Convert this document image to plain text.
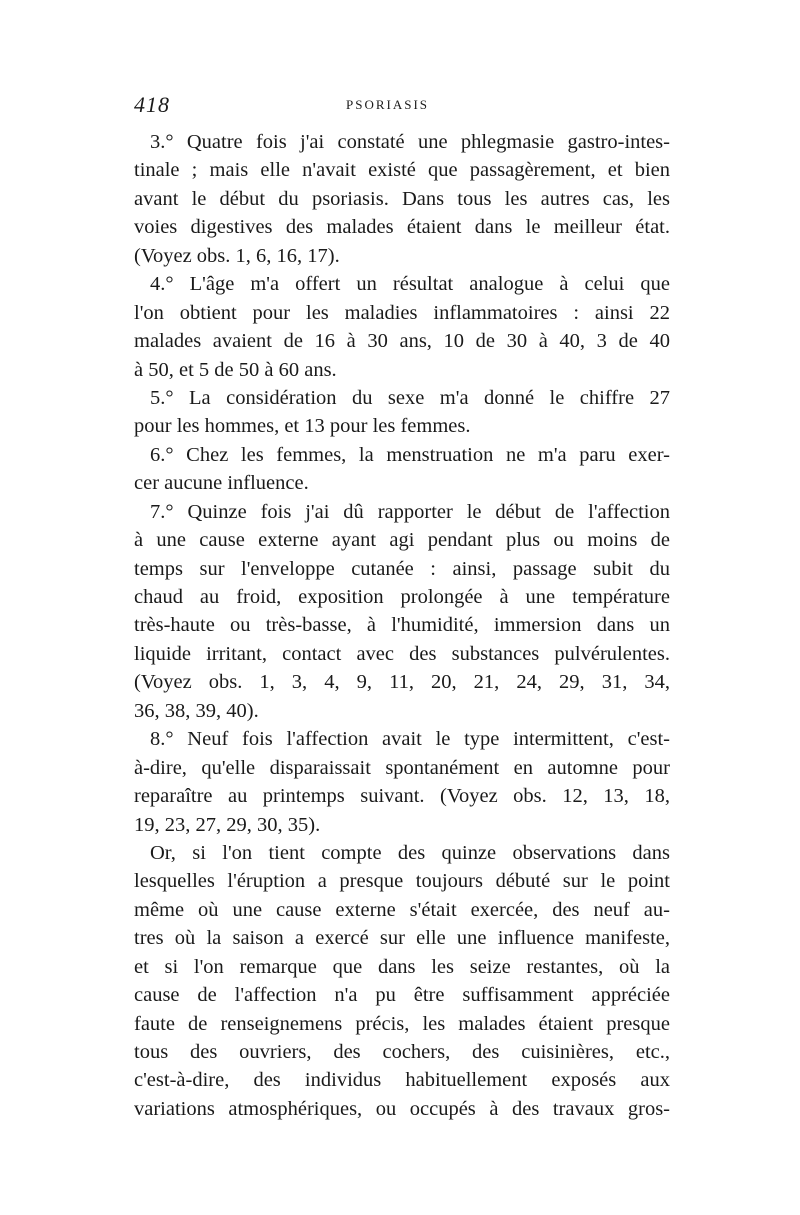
418	PSORIASIS
3.° Quatre fois j'ai constaté une phlegmasie gastro-intes-
tinale ; mais elle n'avait existé que passagèrement, et bien
avant le début du psoriasis. Dans tous les autres cas, les
voies digestives des malades étaient dans le meilleur état.
(Voyez obs. 1, 6, 16, 17).
4.° L'âge m'a offert un résultat analogue à celui que
l'on obtient pour les maladies inflammatoires : ainsi 22
malades avaient de 16 à 30 ans, 10 de 30 à 40, 3 de 40
à 50, et 5 de 50 à 60 ans.
5.° La considération du sexe m'a donné le chiffre 27
pour les hommes, et 13 pour les femmes.
6.° Chez les femmes, la menstruation ne m'a paru exer-
cer aucune influence.
7.° Quinze fois j'ai dû rapporter le début de l'affection
à une cause externe ayant agi pendant plus ou moins de
temps sur l'enveloppe cutanée : ainsi, passage subit du
chaud au froid, exposition prolongée à une température
très-haute ou très-basse, à l'humidité, immersion dans un
liquide irritant, contact avec des substances pulvérulentes.
(Voyez obs. 1, 3, 4, 9, 11, 20, 21, 24, 29, 31, 34,
36, 38, 39, 40).
8.° Neuf fois l'affection avait le type intermittent, c'est-
à-dire, qu'elle disparaissait spontanément en automne pour
reparaître au printemps suivant. (Voyez obs. 12, 13, 18,
19, 23, 27, 29, 30, 35).
Or, si l'on tient compte des quinze observations dans
lesquelles l'éruption a presque toujours débuté sur le point
même où une cause externe s'était exercée, des neuf au-
tres où la saison a exercé sur elle une influence manifeste,
et si l'on remarque que dans les seize restantes, où la
cause de l'affection n'a pu être suffisamment appréciée
faute de renseignemens précis, les malades étaient presque
tous des ouvriers, des cochers, des cuisinières, etc.,
c'est-à-dire, des individus habituellement exposés aux
variations atmosphériques, ou occupés à des travaux gros-
